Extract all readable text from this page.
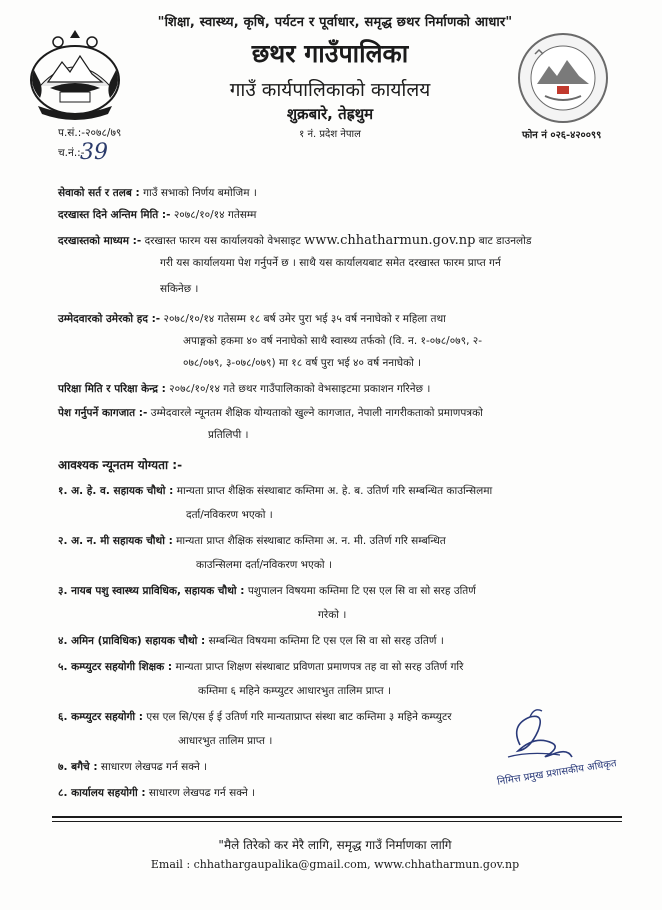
"शिक्षा, स्वास्थ्य, कृषि, पर्यटन र पूर्वाधार, समृद्ध छथर निर्माणको आधार"
छथर गाउँपालिका
गाउँ कार्यपालिकाको कार्यालय
शुक्रबारे, तेह्रथुम
१ नं. प्रदेश नेपाल
प.सं.:-२०७८/७९
च.नं.:-
39
फोन नं ०२६-४२००९९
सेवाको सर्त र तलब : गाउँ सभाको निर्णय बमोजिम ।
दरखास्त दिने अन्तिम मिति :- २०७८/१०/१४ गतेसम्म
दरखास्तको माध्यम :- दरखास्त फारम यस कार्यालयको वेभसाइट www.chhatharmun.gov.np बाट डाउनलोड
गरी यस कार्यालयमा पेश गर्नुपर्ने छ । साथै यस कार्यालयबाट समेत दरखास्त फारम प्राप्त गर्न
सकिनेछ ।
उम्मेदवारको उमेरको हद :- २०७८/१०/१४ गतेसम्म १८ बर्ष उमेर पुरा भई ३५ वर्ष ननाघेको र महिला तथा
अपाङ्गको हकमा ४० वर्ष ननाघेको साथै स्वास्थ्य तर्फको (वि. न. १-०७८/०७९, २-
०७८/०७९, ३-०७८/०७९) मा १८ वर्ष पुरा भई ४० वर्ष ननाघेको ।
परिक्षा मिति र परिक्षा केन्द्र : २०७८/१०/१४ गते छथर गाउँपालिकाको वेभसाइटमा प्रकाशन गरिनेछ ।
पेश गर्नुपर्ने कागजात :- उम्मेदवारले न्यूनतम शैक्षिक योग्यताको खुल्ने कागजात, नेपाली नागरीकताको प्रमाणपत्रको
प्रतिलिपी ।
आवश्यक न्यूनतम योग्यता :-
१. अ. हे. व. सहायक चौथो : मान्यता प्राप्त शैक्षिक संस्थाबाट कम्तिमा अ. हे. ब. उतिर्ण गरि सम्बन्धित काउन्सिलमा
दर्ता/नविकरण भएको ।
२. अ. न. मी सहायक चौथो : मान्यता प्राप्त शैक्षिक संस्थाबाट कम्तिमा अ. न. मी. उतिर्ण गरि सम्बन्धित
काउन्सिलमा दर्ता/नविकरण भएको ।
३. नायब पशु स्वास्थ्य प्राविधिक, सहायक चौथो : पशुपालन विषयमा कम्तिमा टि एस एल सि वा सो सरह उतिर्ण
गरेको ।
४. अमिन (प्राविधिक) सहायक चौथो : सम्बन्धित विषयमा कम्तिमा टि एस एल सि वा सो सरह उतिर्ण ।
५. कम्प्युटर सहयोगी शिक्षक : मान्यता प्राप्त शिक्षण संस्थाबाट प्रविणता प्रमाणपत्र तह वा सो सरह उतिर्ण गरि
कम्तिमा ६ महिने कम्प्युटर आधारभुत तालिम प्राप्त ।
६. कम्प्युटर सहयोगी : एस एल सि/एस ई ई उतिर्ण गरि मान्यताप्राप्त संस्था बाट कम्तिमा ३ महिने कम्प्युटर
आधारभुत तालिम प्राप्त ।
७. बगैचे : साधारण लेखपढ गर्न सक्ने ।
८. कार्यालय सहयोगी : साधारण लेखपढ गर्न सक्ने ।
निमित्त प्रमुख प्रशासकीय अधिकृत
"मैले तिरेको कर मेरै लागि, समृद्ध गाउँ निर्माणका लागि
Email : chhathargaupalika@gmail.com, www.chhatharmun.gov.np
